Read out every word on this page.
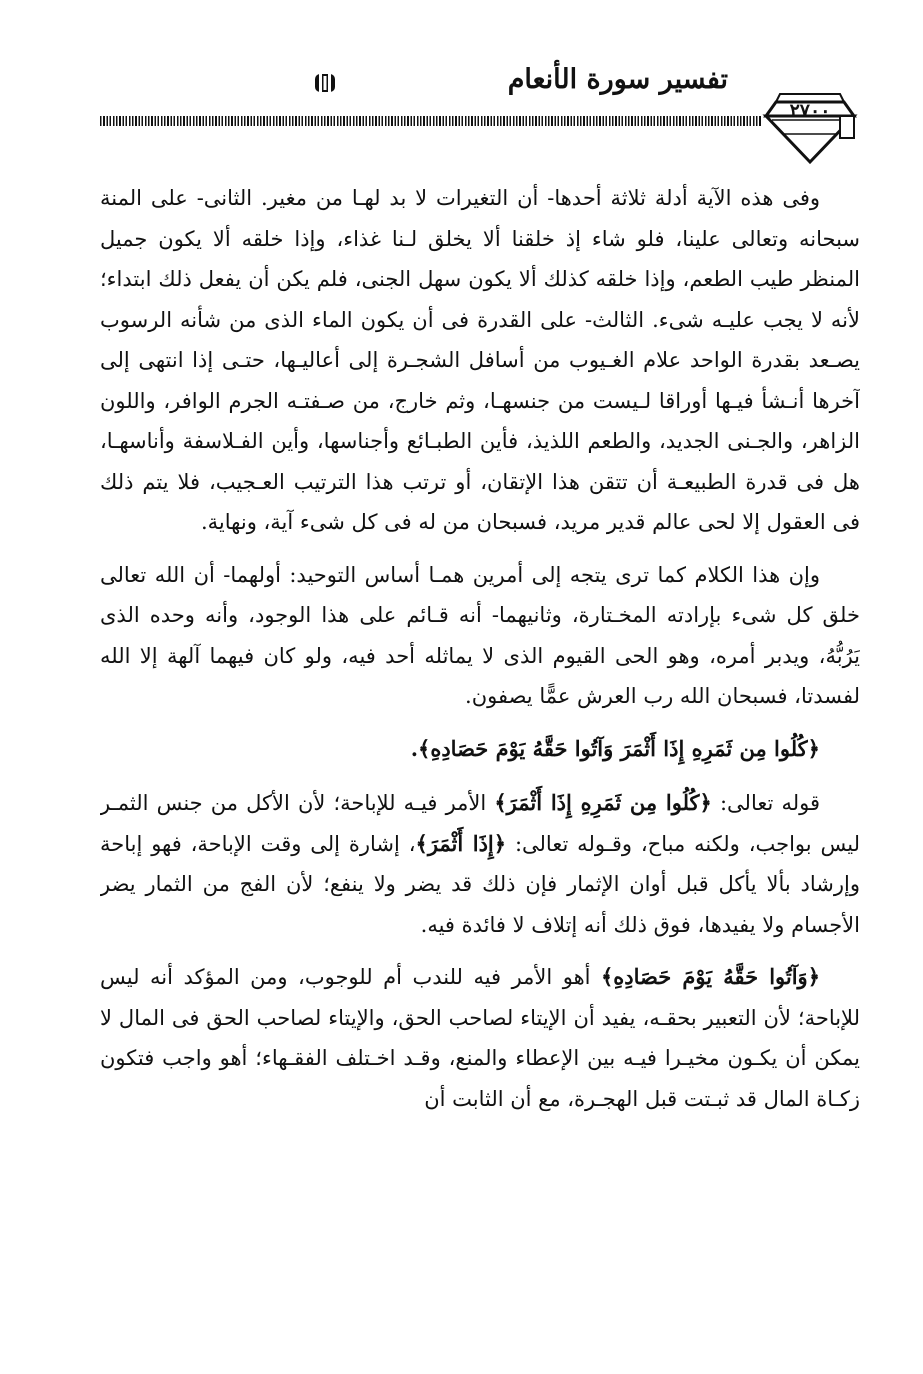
تفسير سورة الأنعام
٢٧٠٠

وفى هذه الآية أدلة ثلاثة أحدها- أن التغيرات لا بد لهـا من مغير. الثانى- على المنة سبحانه وتعالى علينا، فلو شاء إذ خلقنا ألا يخلق لـنا غذاء، وإذا خلقه ألا يكون جميل المنظر طيب الطعم، وإذا خلقه كذلك ألا يكون سهل الجنى، فلم يكن أن يفعل ذلك ابتداء؛ لأنه لا يجب عليـه شىء. الثالث- على القدرة فى أن يكون الماء الذى من شأنه الرسوب يصـعد بقدرة الواحد علام الغـيوب من أسافل الشجـرة إلى أعاليـها، حتـى إذا انتهى إلى آخرها أنـشأ فيـها أوراقا لـيست من جنسهـا، وثم خارج، من صـفتـه الجرم الوافر، واللون الزاهر، والجـنى الجديد، والطعم اللذيذ، فأين الطبـائع وأجناسها، وأين الفـلاسفة وأناسهـا، هل فى قدرة الطبيعـة أن تتقن هذا الإتقان، أو ترتب هذا الترتيب العـجيب، فلا يتم ذلك فى العقول إلا لحى عالم قدير مريد، فسبحان من له فى كل شىء آية، ونهاية.

وإن هذا الكلام كما ترى يتجه إلى أمرين همـا أساس التوحيد: أولهما- أن الله تعالى خلق كل شىء بإرادته المخـتارة، وثانيهما- أنه قـائم على هذا الوجود، وأنه وحده الذى يَرُبُّهُ، ويدبر أمره، وهو الحى القيوم الذى لا يماثله أحد فيه، ولو كان فيهما آلهة إلا الله لفسدتا، فسبحان الله رب العرش عمًّا يصفون.

﴿كُلُوا مِن ثَمَرِهِ إِذَا أَثْمَرَ وَآتُوا حَقَّهُ يَوْمَ حَصَادِهِ﴾.

قوله تعالى: ﴿كُلُوا مِن ثَمَرِهِ إِذَا أَثْمَرَ﴾ الأمر فيـه للإباحة؛ لأن الأكل من جنس الثمـر ليس بواجب، ولكنه مباح، وقـوله تعالى: ﴿إِذَا أَثْمَرَ﴾، إشارة إلى وقت الإباحة، فهو إباحة وإرشاد بألا يأكل قبل أوان الإثمار فإن ذلك قد يضر ولا ينفع؛ لأن الفج من الثمار يضر الأجسام ولا يفيدها، فوق ذلك أنه إتلاف لا فائدة فيه.

﴿وَآتُوا حَقَّهُ يَوْمَ حَصَادِهِ﴾ أهو الأمر فيه للندب أم للوجوب، ومن المؤكد أنه ليس للإباحة؛ لأن التعبير بحقـه، يفيد أن الإيتاء لصاحب الحق، والإيتاء لصاحب الحق فى المال لا يمكن أن يكـون مخيـرا فيـه بين الإعطاء والمنع، وقـد اخـتلف الفقـهاء؛ أهو واجب فتكون زكـاة المال قد ثبـتت قبل الهجـرة، مع أن الثابت أن
